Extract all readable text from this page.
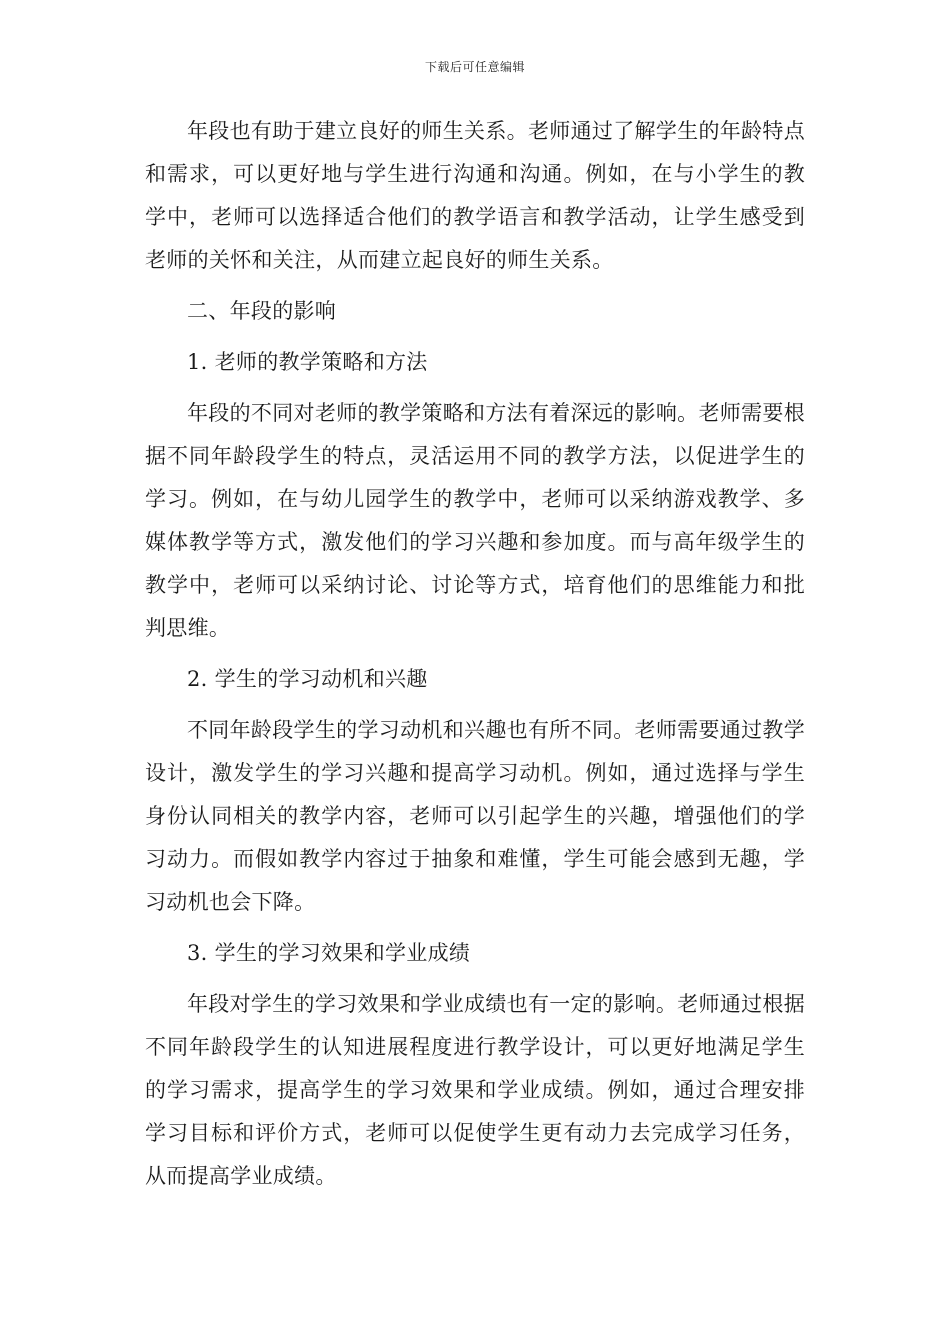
下载后可任意编辑

年段也有助于建立良好的师生关系。老师通过了解学生的年龄特点和需求，可以更好地与学生进行沟通和沟通。例如，在与小学生的教学中，老师可以选择适合他们的教学语言和教学活动，让学生感受到老师的关怀和关注，从而建立起良好的师生关系。

二、年段的影响

1. 老师的教学策略和方法

年段的不同对老师的教学策略和方法有着深远的影响。老师需要根据不同年龄段学生的特点，灵活运用不同的教学方法，以促进学生的学习。例如，在与幼儿园学生的教学中，老师可以采纳游戏教学、多媒体教学等方式，激发他们的学习兴趣和参加度。而与高年级学生的教学中，老师可以采纳讨论、讨论等方式，培育他们的思维能力和批判思维。

2. 学生的学习动机和兴趣

不同年龄段学生的学习动机和兴趣也有所不同。老师需要通过教学设计，激发学生的学习兴趣和提高学习动机。例如，通过选择与学生身份认同相关的教学内容，老师可以引起学生的兴趣，增强他们的学习动力。而假如教学内容过于抽象和难懂，学生可能会感到无趣，学习动机也会下降。

3. 学生的学习效果和学业成绩

年段对学生的学习效果和学业成绩也有一定的影响。老师通过根据不同年龄段学生的认知进展程度进行教学设计，可以更好地满足学生的学习需求，提高学生的学习效果和学业成绩。例如，通过合理安排学习目标和评价方式，老师可以促使学生更有动力去完成学习任务，从而提高学业成绩。
